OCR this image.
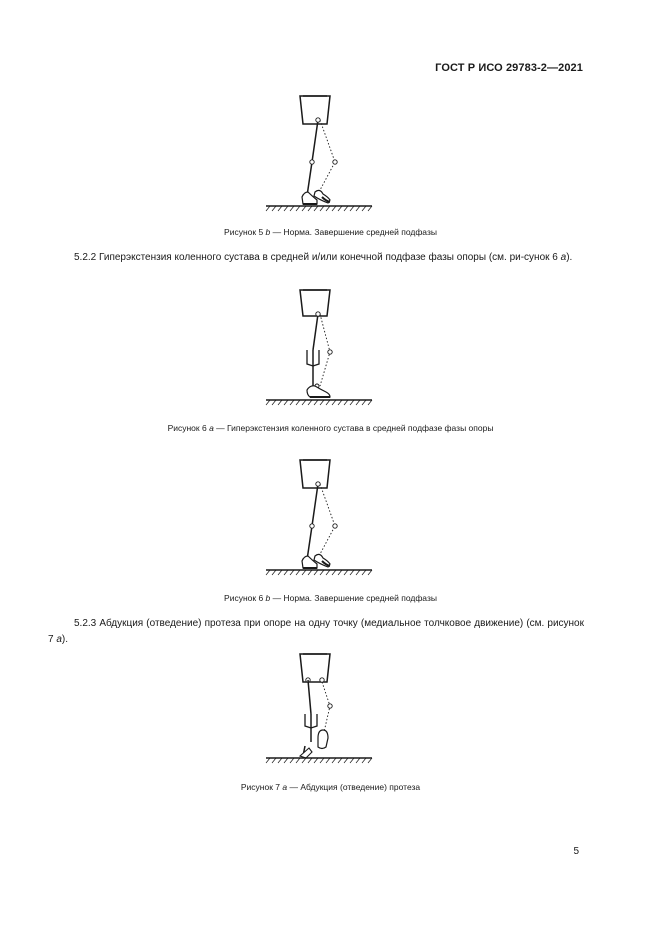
ГОСТ Р ИСО 29783-2—2021
Рисунок 5 b — Норма. Завершение средней подфазы
5.2.2 Гиперэкстензия коленного сустава в средней и/или конечной подфазе фазы опоры (см. ри-сунок 6 a).
Рисунок 6 a — Гиперэкстензия коленного сустава в средней подфазе фазы опоры
Рисунок 6 b — Норма. Завершение средней подфазы
5.2.3 Абдукция (отведение) протеза при опоре на одну точку (медиальное толчковое движение) (см. рисунок 7 a).
Рисунок 7 a — Абдукция (отведение) протеза
5
